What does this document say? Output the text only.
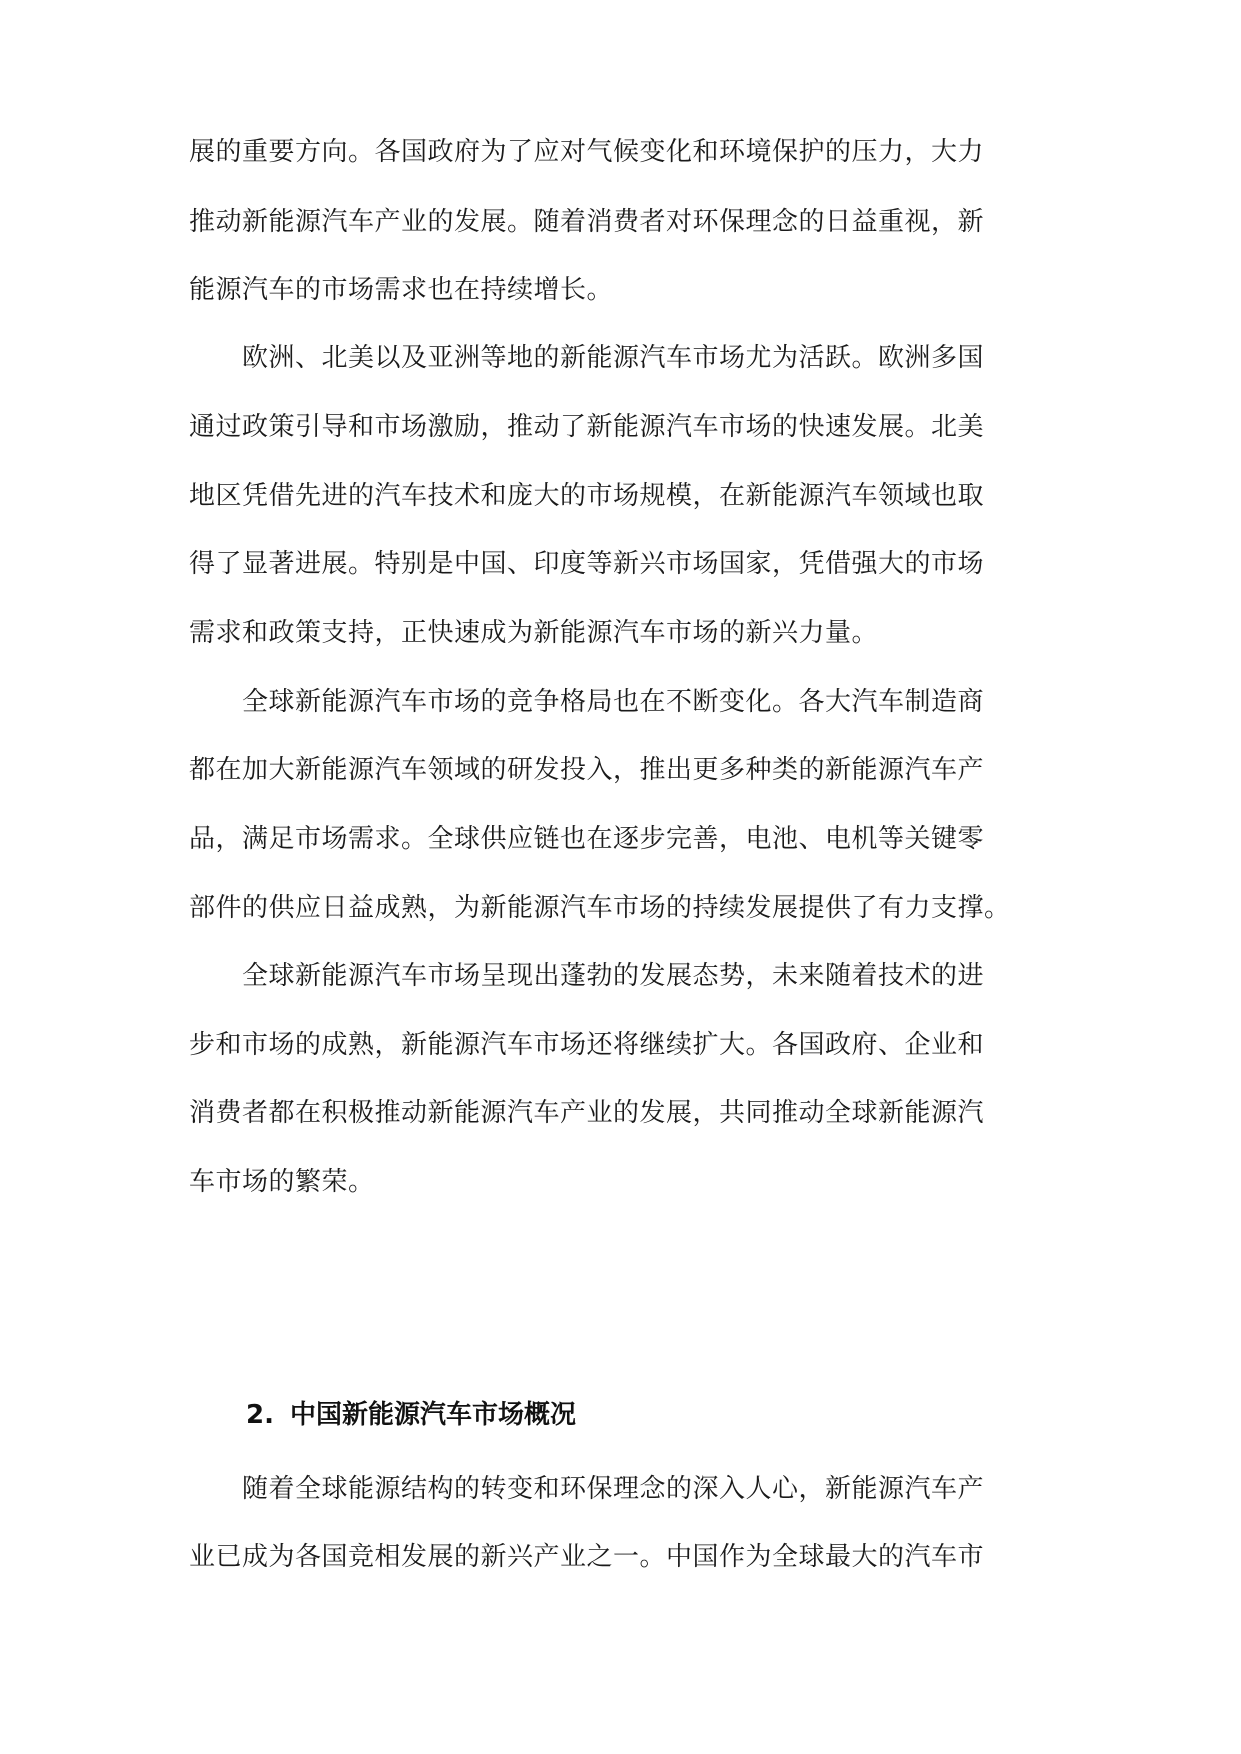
展的重要方向。各国政府为了应对气候变化和环境保护的压力，大力
推动新能源汽车产业的发展。随着消费者对环保理念的日益重视，新
能源汽车的市场需求也在持续增长。
　　欧洲、北美以及亚洲等地的新能源汽车市场尤为活跃。欧洲多国
通过政策引导和市场激励，推动了新能源汽车市场的快速发展。北美
地区凭借先进的汽车技术和庞大的市场规模，在新能源汽车领域也取
得了显著进展。特别是中国、印度等新兴市场国家，凭借强大的市场
需求和政策支持，正快速成为新能源汽车市场的新兴力量。
　　全球新能源汽车市场的竞争格局也在不断变化。各大汽车制造商
都在加大新能源汽车领域的研发投入，推出更多种类的新能源汽车产
品，满足市场需求。全球供应链也在逐步完善，电池、电机等关键零
部件的供应日益成熟，为新能源汽车市场的持续发展提供了有力支撑。
　　全球新能源汽车市场呈现出蓬勃的发展态势，未来随着技术的进
步和市场的成熟，新能源汽车市场还将继续扩大。各国政府、企业和
消费者都在积极推动新能源汽车产业的发展，共同推动全球新能源汽
车市场的繁荣。
2. 中国新能源汽车市场概况
　　随着全球能源结构的转变和环保理念的深入人心，新能源汽车产
业已成为各国竞相发展的新兴产业之一。中国作为全球最大的汽车市
